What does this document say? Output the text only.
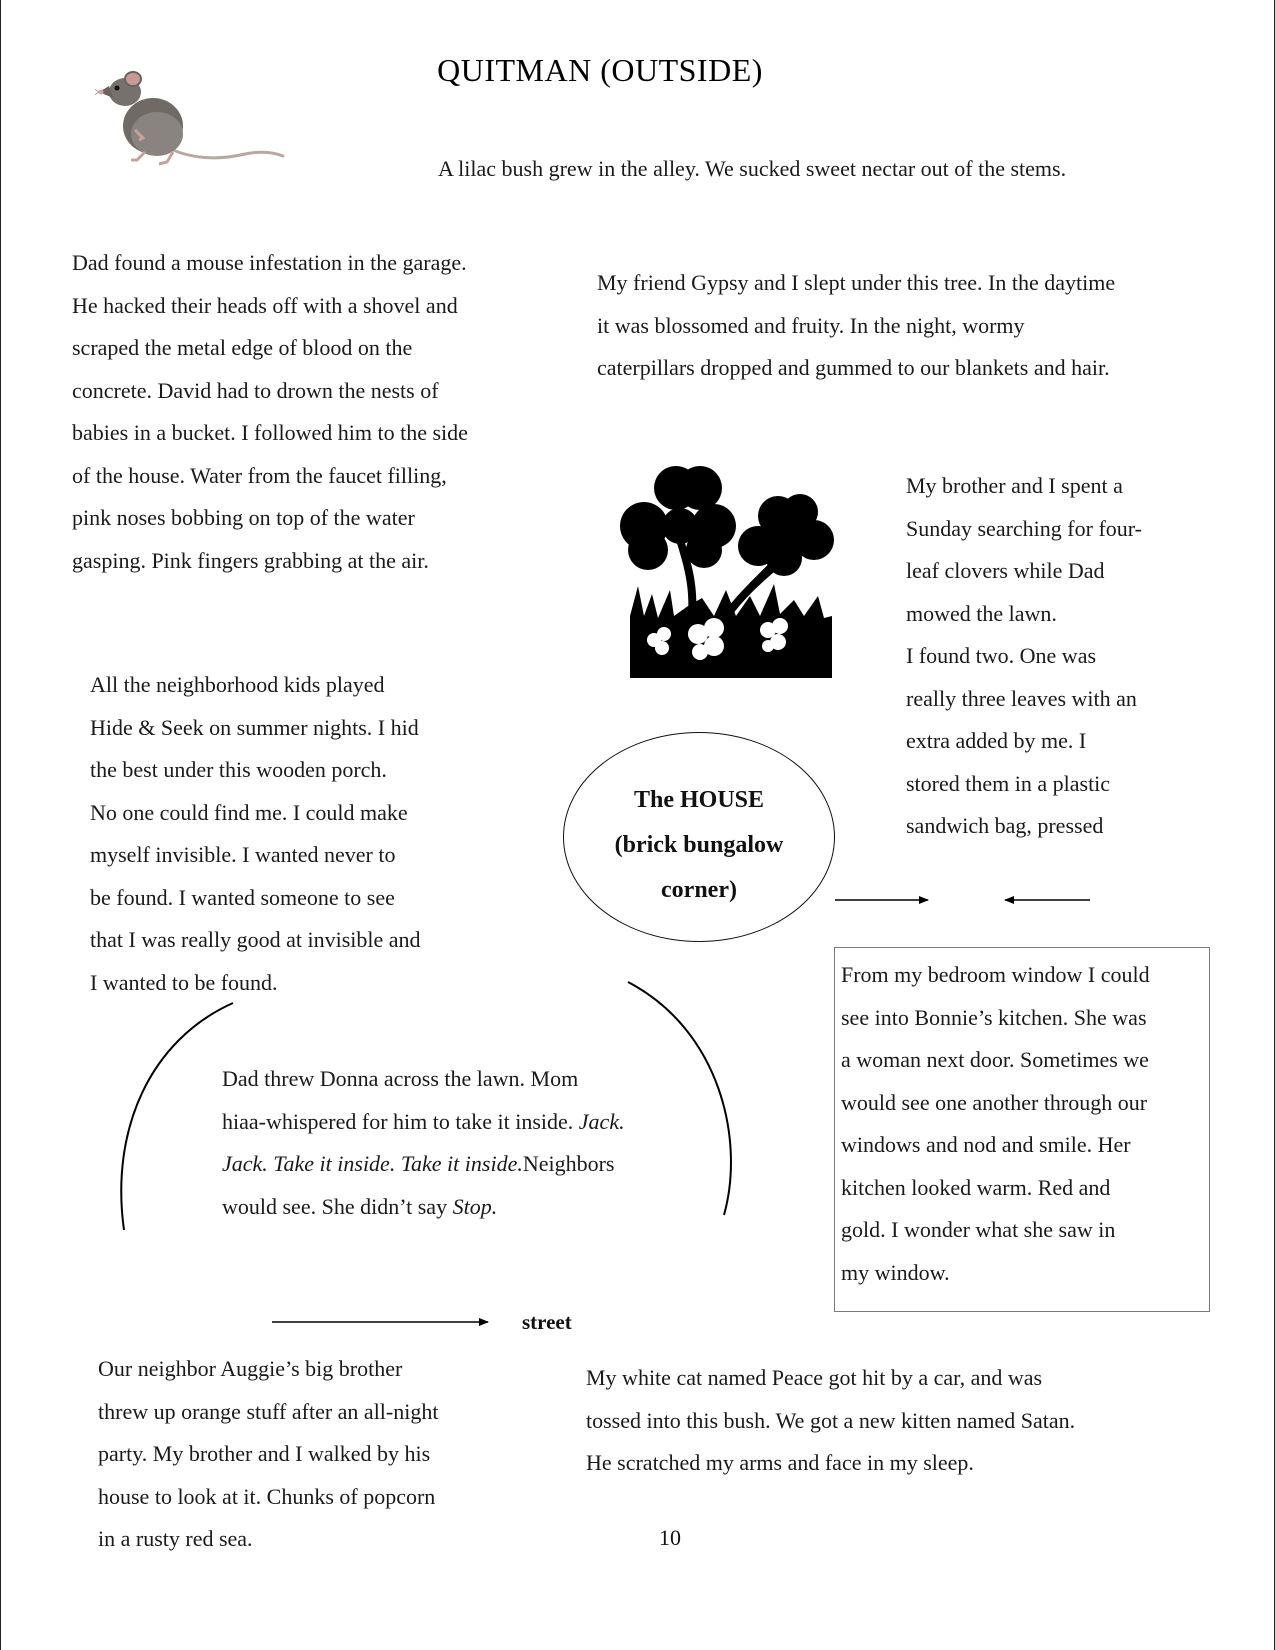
QUITMAN (OUTSIDE)

A lilac bush grew in the alley. We sucked sweet nectar out of the stems.

Dad found a mouse infestation in the garage.
He hacked their heads off with a shovel and
scraped the metal edge of blood on the
concrete. David had to drown the nests of
babies in a bucket. I followed him to the side
of the house. Water from the faucet filling,
pink noses bobbing on top of the water
gasping. Pink fingers grabbing at the air.

My friend Gypsy and I slept under this tree. In the daytime
it was blossomed and fruity. In the night, wormy
caterpillars dropped and gummed to our blankets and hair.

My brother and I spent a
Sunday searching for four-
leaf clovers while Dad
mowed the lawn.
I found two. One was
really three leaves with an
extra added by me. I
stored them in a plastic
sandwich bag, pressed

All the neighborhood kids played
Hide & Seek on summer nights. I hid
the best under this wooden porch.
No one could find me. I could make
myself invisible. I wanted never to
be found. I wanted someone to see
that I was really good at invisible and
I wanted to be found.

The HOUSE
(brick bungalow
corner)

Dad threw Donna across the lawn. Mom
hiaa-whispered for him to take it inside. Jack.
Jack. Take it inside. Take it inside.Neighbors
would see. She didn’t say Stop.

From my bedroom window I could
see into Bonnie’s kitchen. She was
a woman next door. Sometimes we
would see one another through our
windows and nod and smile. Her
kitchen looked warm. Red and
gold. I wonder what she saw in
my window.

street

Our neighbor Auggie’s big brother
threw up orange stuff after an all-night
party. My brother and I walked by his
house to look at it. Chunks of popcorn
in a rusty red sea.

My white cat named Peace got hit by a car, and was
tossed into this bush. We got a new kitten named Satan.
He scratched my arms and face in my sleep.

10
